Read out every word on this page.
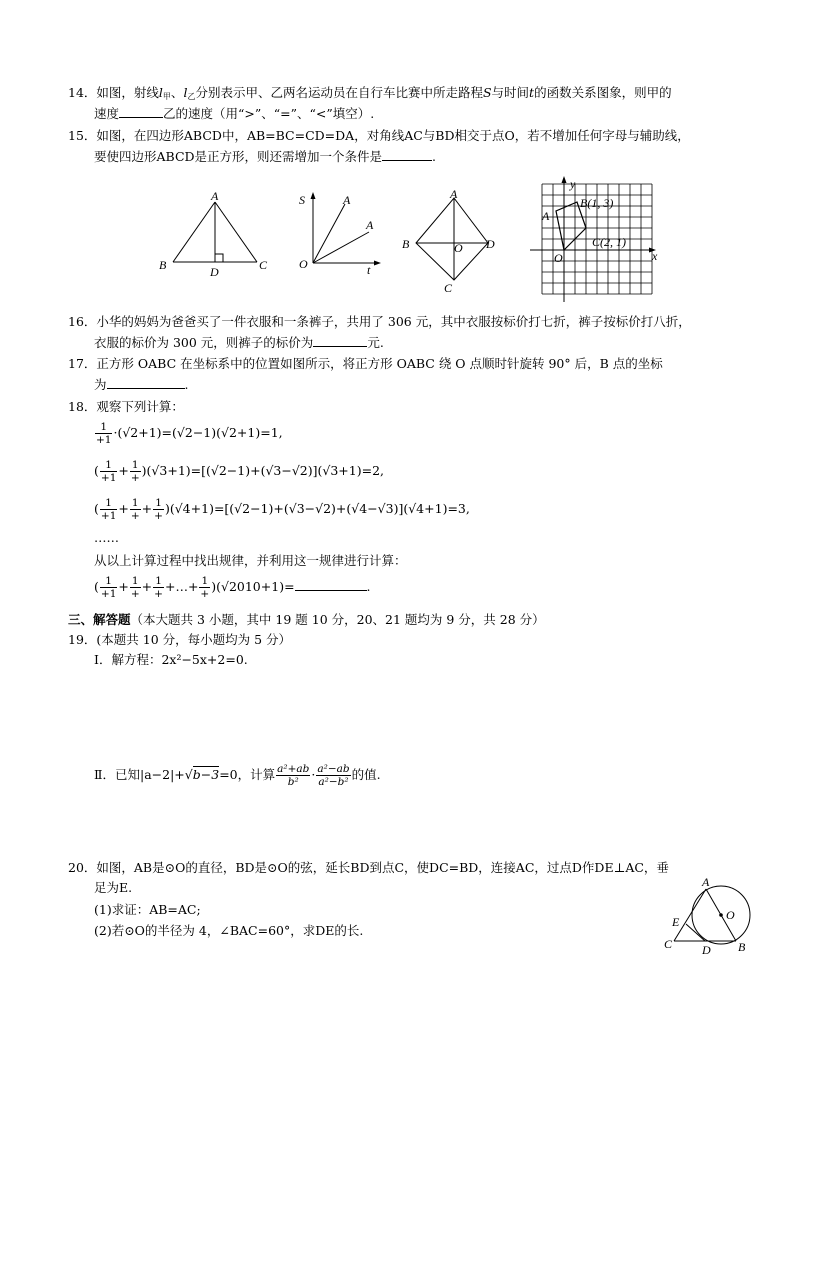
14．如图，射线$l_甲$、$l_乙$分别表示甲、乙两名运动员在自行车比赛中所走路程S与时间t的函数关系图象，则甲的
速度	乙的速度（用“>”、“=”、“<”填空）.
15．如图，在四边形ABCD中，AB=BC=CD=DA，对角线AC与BD相交于点O，若不增加任何字母与辅助线，
要使四边形ABCD是正方形，则还需增加一个条件是	.
A
B	C
D
S	A
A
O	t
A
B	D
O
C
y
x
A
B(1, 3)
C(2, 1)
O
16．小华的妈妈为爸爸买了一件衣服和一条裤子，共用了 306 元，其中衣服按标价打七折，裤子按标价打八折，
衣服的标价为 300 元，则裤子的标价为	元.
17．正方形 OABC 在坐标系中的位置如图所示，将正方形 OABC 绕 O 点顺时针旋转 90° 后，B 点的坐标
为	.
18．观察下列计算：
$\frac{1}{+1} \cdot(√2+1)=(√2-1)(√2+1)=1$,
( $\frac{1}{+1} + \frac{1}{+} )(√3+1)=[(√2-1)+(√3-√2)](√3+1)=2$,
( $\frac{1}{+1} + \frac{1}{+} + \frac{1}{+} )(√4+1)=[(√2-1)+(√3-√2)+(√4-√3)](√4+1)=3$,
……
从以上计算过程中找出规律，并利用这一规律进行计算：
( $\frac{1}{+1} + \frac{1}{+} + \frac{1}{+}$ +…+ $\frac{1}{+} )(√2010+1)=$	.
三、解答题（本大题共 3 小题，其中 19 题 10 分，20、21 题均为 9 分，共 28 分）
19．(本题共 10 分，每小题均为 5 分）
Ⅰ．解方程：2x²−5x+2=0.
Ⅱ．已知|a−2|+√b−3=0，计算 $\frac{\text{a²+ab}}{\text{b²}} \cdot \frac{\text{a²−ab}}{\text{a²−b²}}$ 的值.
20．如图，AB是⊙O的直径，BD是⊙O的弦，延长BD到点C，使DC=BD，连接AC，过点D作DE⊥AC，垂
足为E.
(1)求证：AB=AC;
(2)若⊙O的半径为 4，∠BAC=60°，求DE的长.
A
O
E
C D B
